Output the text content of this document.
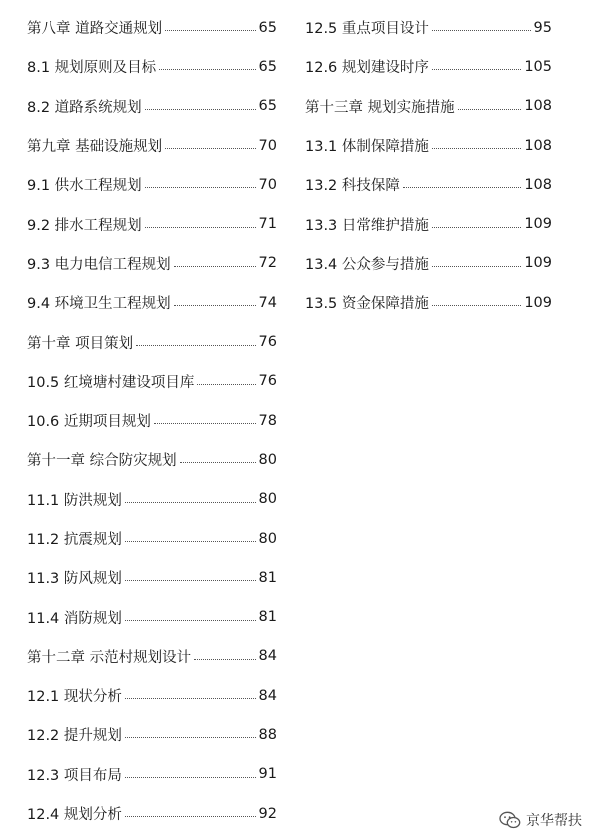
第八章 道路交通规划	65
8.1 规划原则及目标	65
8.2 道路系统规划	65
第九章 基础设施规划	70
9.1 供水工程规划	70
9.2 排水工程规划	71
9.3 电力电信工程规划	72
9.4 环境卫生工程规划	74
第十章 项目策划	76
10.5 红境塘村建设项目库	76
10.6 近期项目规划	78
第十一章 综合防灾规划	80
11.1 防洪规划	80
11.2 抗震规划	80
11.3 防风规划	81
11.4 消防规划	81
第十二章 示范村规划设计	84
12.1 现状分析	84
12.2 提升规划	88
12.3 项目布局	91
12.4 规划分析	92
12.5 重点项目设计	95
12.6 规划建设时序	105
第十三章 规划实施措施	108
13.1 体制保障措施	108
13.2 科技保障	108
13.3 日常维护措施	109
13.4 公众参与措施	109
13.5 资金保障措施	109
京华帮扶
